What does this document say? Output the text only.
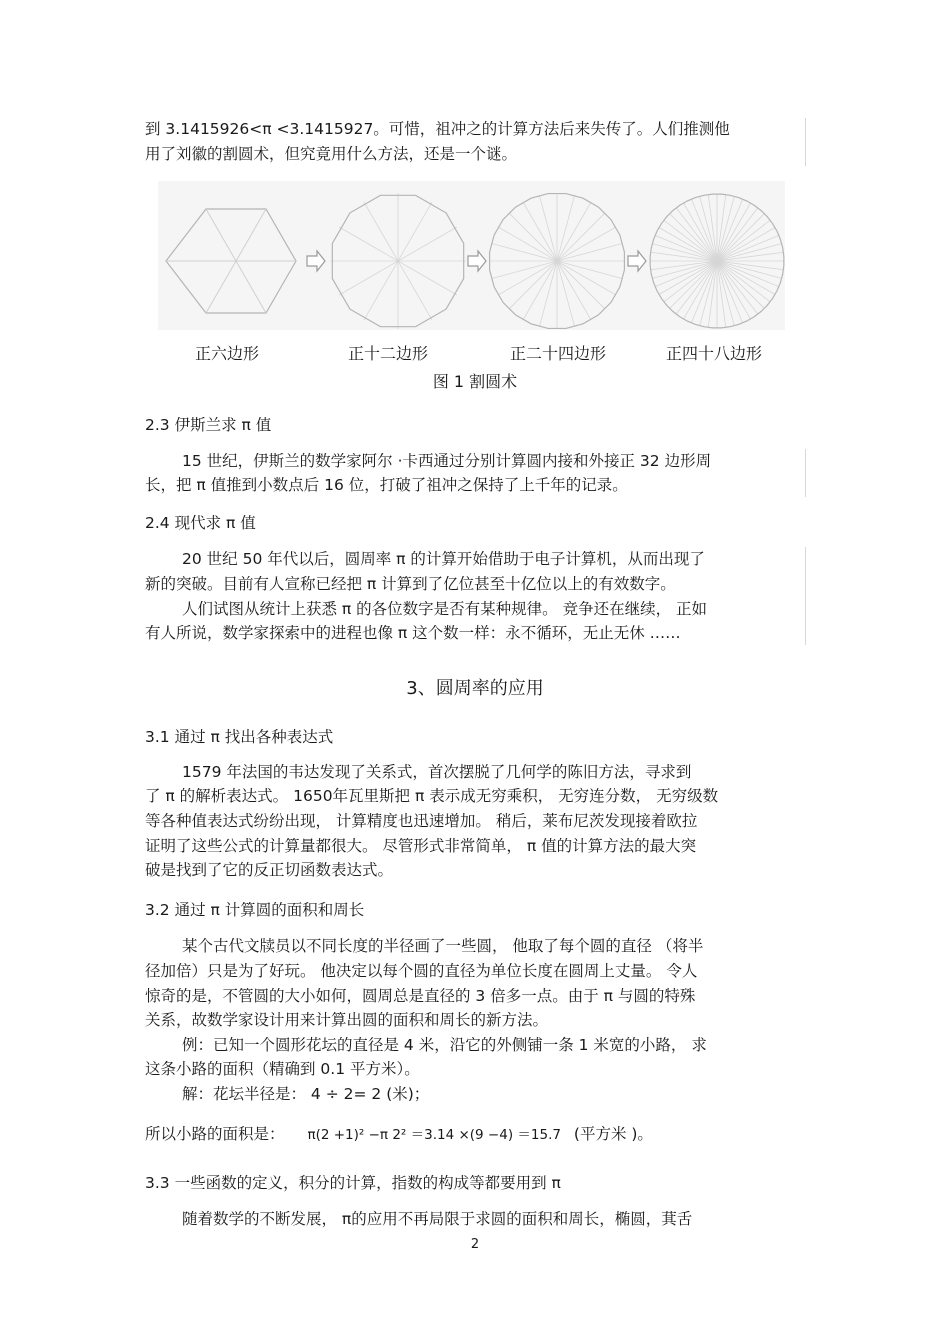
到 3.1415926<π <3.1415927。可惜，祖冲之的计算方法后来失传了。人们推测他
用了刘徽的割圆术，但究竟用什么方法，还是一个谜。
正六边形	正十二边形	正二十四边形	正四十八边形
图 1 割圆术
2.3 伊斯兰求 π 值
15 世纪，伊斯兰的数学家阿尔 ·卡西通过分别计算圆内接和外接正 32 边形周
长，把 π 值推到小数点后 16 位，打破了祖冲之保持了上千年的记录。
2.4 现代求 π 值
20 世纪 50 年代以后，圆周率 π 的计算开始借助于电子计算机，从而出现了
新的突破。目前有人宣称已经把 π 计算到了亿位甚至十亿位以上的有效数字。
人们试图从统计上获悉 π 的各位数字是否有某种规律。 竞争还在继续， 正如
有人所说，数学家探索中的进程也像 π 这个数一样：永不循环，无止无休 ……
3、圆周率的应用
3.1 通过 π 找出各种表达式
1579 年法国的韦达发现了关系式，首次摆脱了几何学的陈旧方法，寻求到
了 π 的解析表达式。 1650年瓦里斯把 π 表示成无穷乘积， 无穷连分数， 无穷级数
等各种值表达式纷纷出现， 计算精度也迅速增加。 稍后，莱布尼茨发现接着欧拉
证明了这些公式的计算量都很大。 尽管形式非常简单， π 值的计算方法的最大突
破是找到了它的反正切函数表达式。
3.2 通过 π 计算圆的面积和周长
某个古代文牍员以不同长度的半径画了一些圆， 他取了每个圆的直径 （将半
径加倍）只是为了好玩。 他决定以每个圆的直径为单位长度在圆周上丈量。 令人
惊奇的是，不管圆的大小如何，圆周总是直径的 3 倍多一点。由于 π 与圆的特殊
关系，故数学家设计用来计算出圆的面积和周长的新方法。
例：已知一个圆形花坛的直径是 4 米，沿它的外侧铺一条 1 米宽的小路， 求
这条小路的面积（精确到 0.1 平方米）。
解：花坛半径是： 4 ÷ 2= 2 (米)；
所以小路的面积是： π(2 +1)² −π 2² ＝3.14 ×(9 −4) ＝15.7 (平方米 )。
3.3 一些函数的定义，积分的计算，指数的构成等都要用到 π
随着数学的不断发展， π的应用不再局限于求圆的面积和周长，椭圆，萁舌
2
